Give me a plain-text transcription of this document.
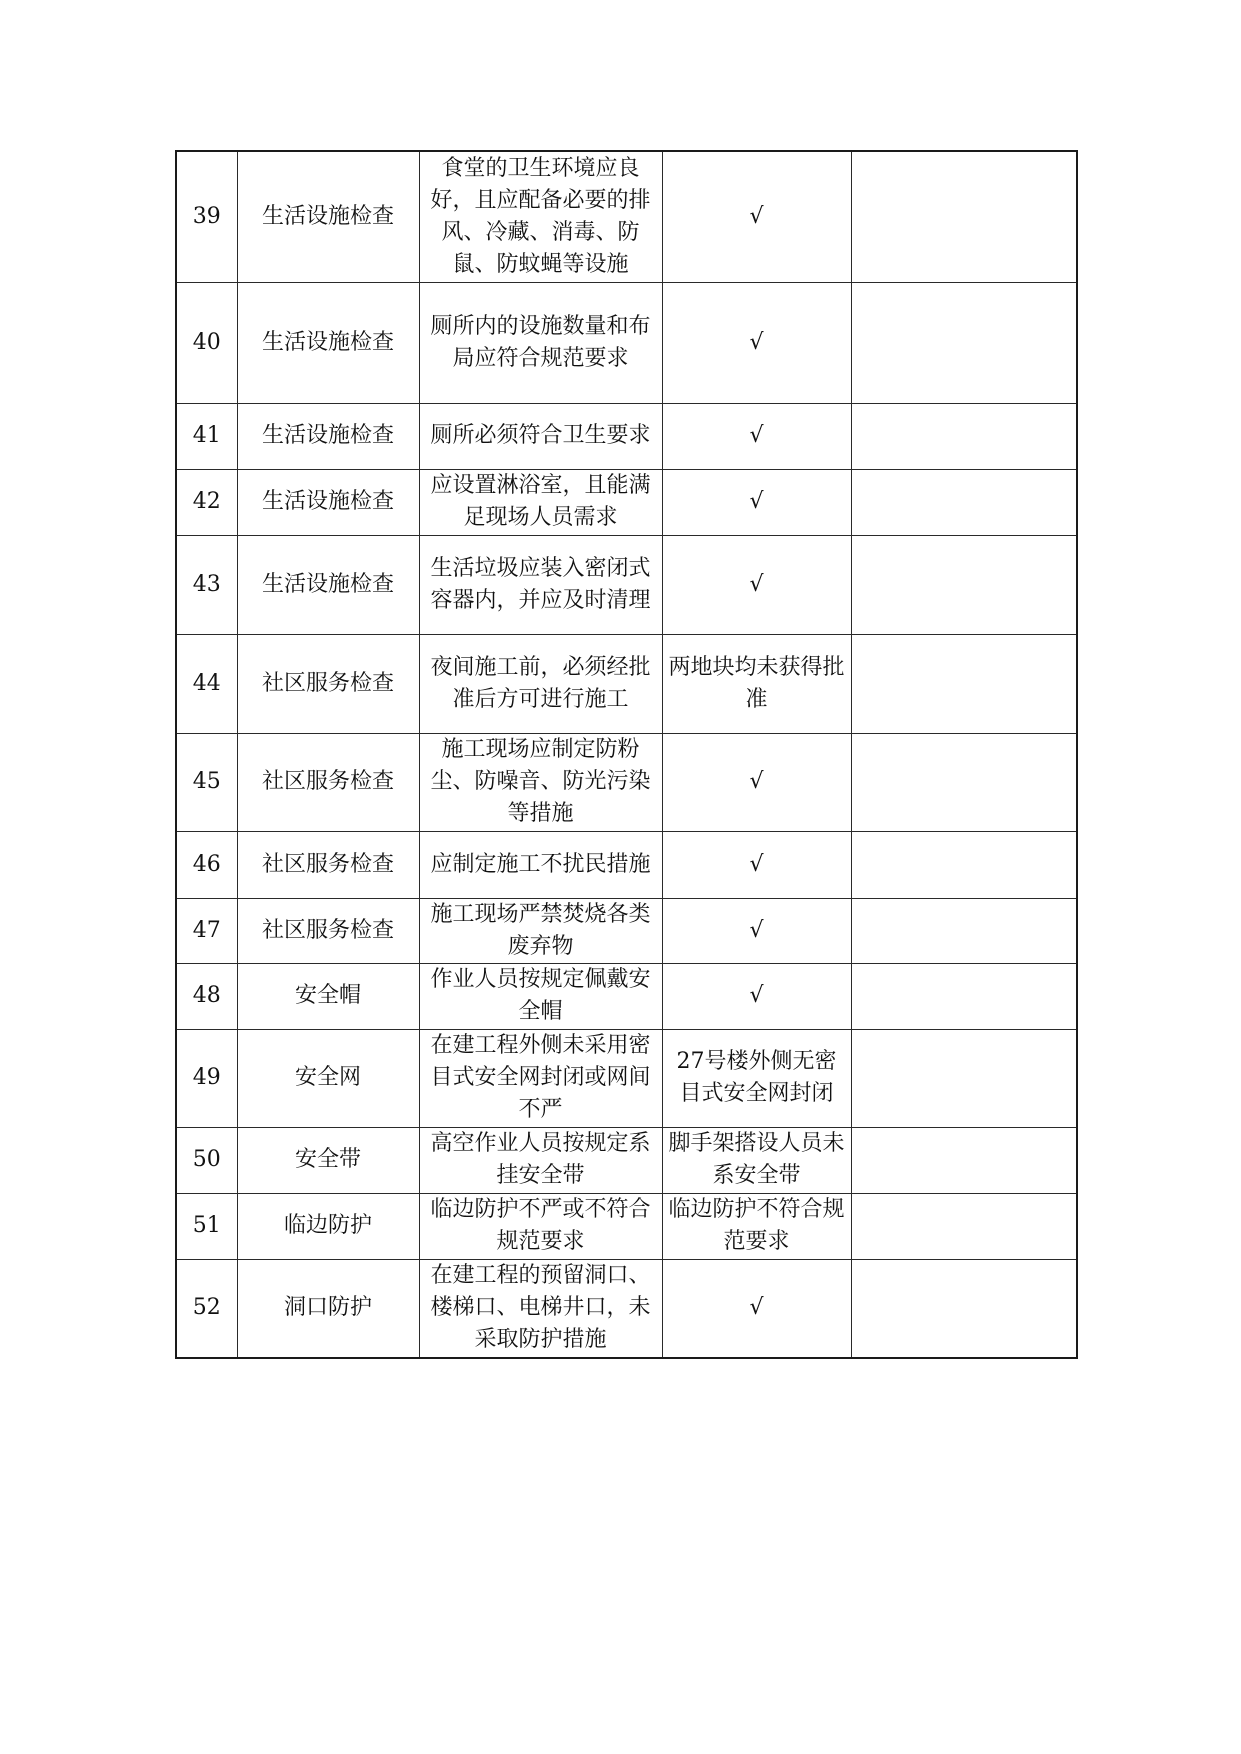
39	生活设施检查	食堂的卫生环境应良好，且应配备必要的排风、冷藏、消毒、防鼠、防蚊蝇等设施	√	
40	生活设施检查	厕所内的设施数量和布局应符合规范要求	√	
41	生活设施检查	厕所必须符合卫生要求	√	
42	生活设施检查	应设置淋浴室，且能满足现场人员需求	√	
43	生活设施检查	生活垃圾应装入密闭式容器内，并应及时清理	√	
44	社区服务检查	夜间施工前，必须经批准后方可进行施工	两地块均未获得批准	
45	社区服务检查	施工现场应制定防粉尘、防噪音、防光污染等措施	√	
46	社区服务检查	应制定施工不扰民措施	√	
47	社区服务检查	施工现场严禁焚烧各类废弃物	√	
48	安全帽	作业人员按规定佩戴安全帽	√	
49	安全网	在建工程外侧未采用密目式安全网封闭或网间不严	27号楼外侧无密目式安全网封闭	
50	安全带	高空作业人员按规定系挂安全带	脚手架搭设人员未系安全带	
51	临边防护	临边防护不严或不符合规范要求	临边防护不符合规范要求	
52	洞口防护	在建工程的预留洞口、楼梯口、电梯井口，未采取防护措施	√	
